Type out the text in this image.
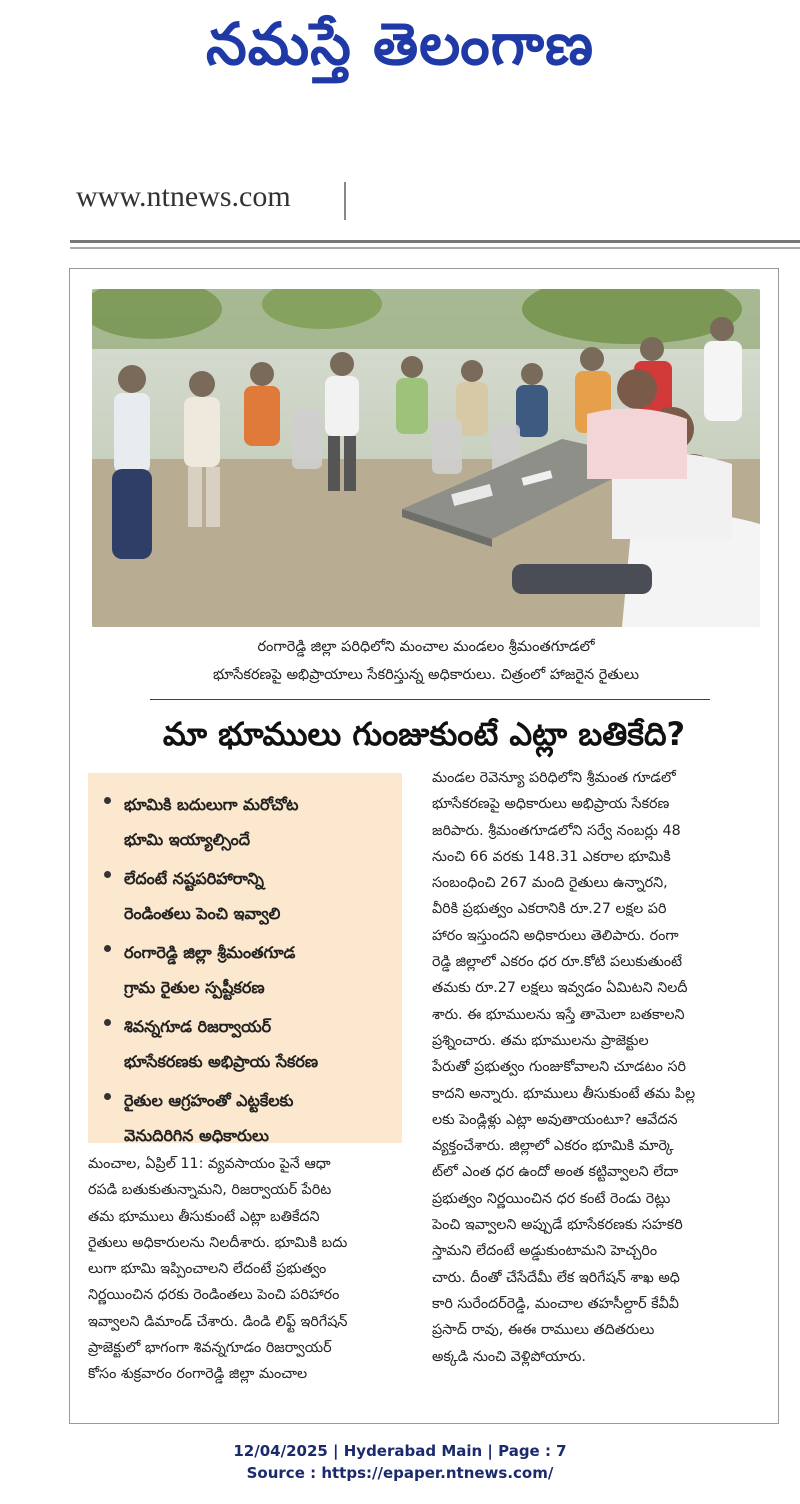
నమస్తే తెలంగాణ
www.ntnews.com
రంగారెడ్డి జిల్లా పరిధిలోని మంచాల మండలం శ్రీమంతగూడలో
భూసేకరణపై అభిప్రాయాలు సేకరిస్తున్న అధికారులు. చిత్రంలో హాజరైన రైతులు
మా భూములు గుంజుకుంటే ఎట్లా బతికేది?
భూమికి బదులుగా మరోచోట
భూమి ఇయ్యాల్సిందే
లేదంటే నష్టపరిహారాన్ని
రెండింతలు పెంచి ఇవ్వాలి
రంగారెడ్డి జిల్లా శ్రీమంతగూడ
గ్రామ రైతుల స్పష్టీకరణ
శివన్నగూడ రిజర్వాయర్
భూసేకరణకు అభిప్రాయ సేకరణ
రైతుల ఆగ్రహంతో ఎట్టకేలకు
వెనుదిరిగిన అధికారులు
మంచాల, ఏప్రిల్ 11: వ్యవసాయం పైనే ఆధా
రపడి బతుకుతున్నామని, రిజర్వాయర్ పేరిట
తమ భూములు తీసుకుంటే ఎట్లా బతికేదని
రైతులు అధికారులను నిలదీశారు. భూమికి బదు
లుగా భూమి ఇప్పించాలని లేదంటే ప్రభుత్వం
నిర్ణయించిన ధరకు రెండింతలు పెంచి పరిహారం
ఇవ్వాలని డిమాండ్ చేశారు. డిండి లిఫ్ట్ ఇరిగేషన్
ప్రాజెక్టులో భాగంగా శివన్నగూడం రిజర్వాయర్
కోసం శుక్రవారం రంగారెడ్డి జిల్లా మంచాల
మండల రెవెన్యూ పరిధిలోని శ్రీమంత గూడలో
భూసేకరణపై అధికారులు అభిప్రాయ సేకరణ
జరిపారు. శ్రీమంతగూడలోని సర్వే నంబర్లు 48
నుంచి 66 వరకు 148.31 ఎకరాల భూమికి
సంబంధించి 267 మంది రైతులు ఉన్నారని,
వీరికి ప్రభుత్వం ఎకరానికి రూ.27 లక్షల పరి
హారం ఇస్తుందని అధికారులు తెలిపారు. రంగా
రెడ్డి జిల్లాలో ఎకరం ధర రూ.కోటి పలుకుతుంటే
తమకు రూ.27 లక్షలు ఇవ్వడం ఏమిటని నిలదీ
శారు. ఈ భూములను ఇస్తే తామెలా బతకాలని
ప్రశ్నించారు. తమ భూములను ప్రాజెక్టుల
పేరుతో ప్రభుత్వం గుంజుకోవాలని చూడటం సరి
కాదని అన్నారు. భూములు తీసుకుంటే తమ పిల్ల
లకు పెండ్లిళ్లు ఎట్లా అవుతాయంటూ? ఆవేదన
వ్యక్తంచేశారు. జిల్లాలో ఎకరం భూమికి మార్కె
ట్‌లో ఎంత ధర ఉందో అంత కట్టివ్వాలని లేదా
ప్రభుత్వం నిర్ణయించిన ధర కంటే రెండు రెట్లు
పెంచి ఇవ్వాలని అప్పుడే భూసేకరణకు సహకరి
స్తామని లేదంటే అడ్డుకుంటామని హెచ్చరిం
చారు. దీంతో చేసేదేమీ లేక ఇరిగేషన్ శాఖ అధి
కారి సురేందర్‌రెడ్డి, మంచాల తహసీల్దార్ కేవీవీ
ప్రసాద్ రావు, ఈఈ రాములు తదితరులు
అక్కడి నుంచి వెళ్లిపోయారు.
12/04/2025 | Hyderabad Main | Page : 7
Source : https://epaper.ntnews.com/
